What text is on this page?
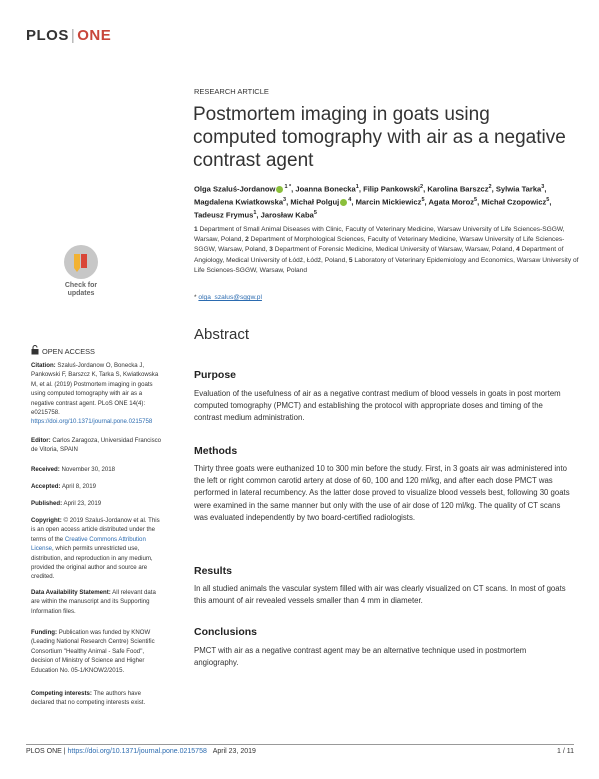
PLOS | ONE
RESEARCH ARTICLE
Postmortem imaging in goats using computed tomography with air as a negative contrast agent
Olga Szaluś-Jordanow $^{1 *}$, Joanna Bonecka$^1$, Filip Pankowski$^2$, Karolina Barszcz$^2$, Sylwia Tarka$^3$, Magdalena Kwiatkowska$^3$, Michał Polguj $^4$, Marcin Mickiewicz$^5$, Agata Moroz$^5$, Michał Czopowicz$^5$, Tadeusz Frymus$^1$, Jarosław Kaba$^5$
1 Department of Small Animal Diseases with Clinic, Faculty of Veterinary Medicine, Warsaw University of Life Sciences-SGGW, Warsaw, Poland, 2 Department of Morphological Sciences, Faculty of Veterinary Medicine, Warsaw University of Life Sciences-SGGW, Warsaw, Poland, 3 Department of Forensic Medicine, Medical University of Warsaw, Warsaw, Poland, 4 Department of Angiology, Medical University of Łódź, Łódź, Poland, 5 Laboratory of Veterinary Epidemiology and Economics, Warsaw University of Life Sciences-SGGW, Warsaw, Poland
* olga_szalus@sggw.pl
Abstract
Purpose
Evaluation of the usefulness of air as a negative contrast medium of blood vessels in goats in post mortem computed tomography (PMCT) and establishing the protocol with appropriate doses and timing of the contrast medium administration.
Methods
Thirty three goats were euthanized 10 to 300 min before the study. First, in 3 goats air was administered into the left or right common carotid artery at dose of 60, 100 and 120 ml/kg, and after each dose PMCT was performed in lateral recumbency. As the latter dose proved to visualize blood vessels best, following 30 goats were examined in the same manner but only with the use of air dose of 120 ml/kg. The quality of CT scans was evaluated independently by two board-certified radiologists.
Results
In all studied animals the vascular system filled with air was clearly visualized on CT scans. In most of goats this amount of air revealed vessels smaller than 4 mm in diameter.
Conclusions
PMCT with air as a negative contrast agent may be an alternative technique used in postmortem angiography.
Check for
updates
OPEN ACCESS
Citation: Szaluś-Jordanow O, Bonecka J, Pankowski F, Barszcz K, Tarka S, Kwiatkowska M, et al. (2019) Postmortem imaging in goats using computed tomography with air as a negative contrast agent. PLoS ONE 14(4): e0215758. https://doi.org/10.1371/journal.pone.0215758
Editor: Carlos Zaragoza, Universidad Francisco de Vitoria, SPAIN
Received: November 30, 2018
Accepted: April 8, 2019
Published: April 23, 2019
Copyright: © 2019 Szaluś-Jordanow et al. This is an open access article distributed under the terms of the Creative Commons Attribution License, which permits unrestricted use, distribution, and reproduction in any medium, provided the original author and source are credited.
Data Availability Statement: All relevant data are within the manuscript and its Supporting Information files.
Funding: Publication was funded by KNOW (Leading National Research Centre) Scientific Consortium "Healthy Animal - Safe Food", decision of Ministry of Science and Higher Education No. 05-1/KNOW2/2015.
Competing interests: The authors have declared that no competing interests exist.
PLOS ONE | https://doi.org/10.1371/journal.pone.0215758 April 23, 2019	1 / 11
